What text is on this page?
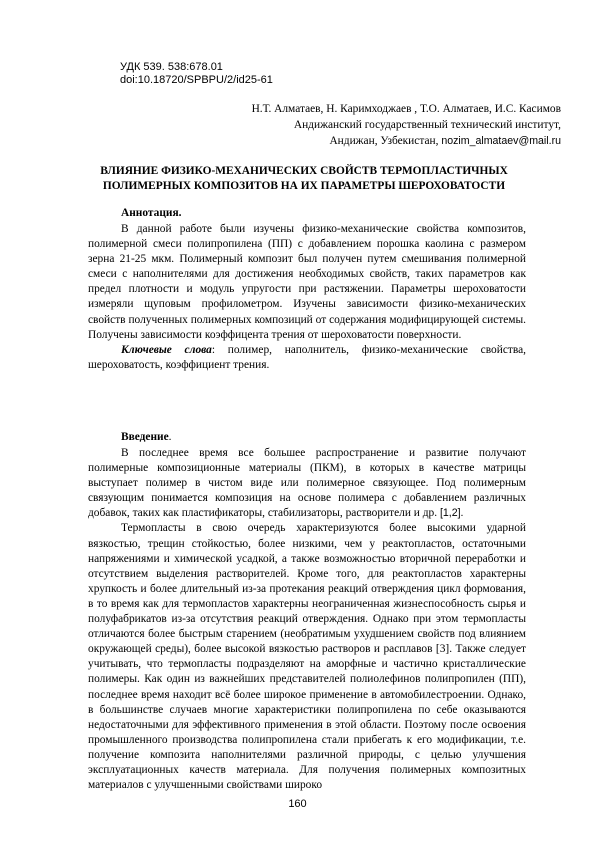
УДК 539. 538:678.01
doi:10.18720/SPBPU/2/id25-61
Н.Т. Алматаев, Н. Каримходжаев , Т.О. Алматаев, И.С. Касимов
Андижанский государственный технический институт,
Андижан, Узбекистан, nozim_almataev@mail.ru
ВЛИЯНИЕ ФИЗИКО-МЕХАНИЧЕСКИХ СВОЙСТВ ТЕРМОПЛАСТИЧНЫХ
ПОЛИМЕРНЫХ КОМПОЗИТОВ НА ИХ ПАРАМЕТРЫ ШЕРОХОВАТОСТИ
Аннотация.

В данной работе были изучены физико-механические свойства композитов, полимерной смеси полипропилена (ПП) с добавлением порошка каолина с размером зерна 21-25 мкм. Полимерный композит был получен путем смешивания полимерной смеси с наполнителями для достижения необходимых свойств, таких параметров как предел плотности и модуль упругости при растяжении. Параметры шероховатости измеряли щуповым профилометром. Изучены зависимости физико-механических свойств полученных полимерных композиций от содержания модифицирующей системы. Получены зависимости коэффицента трения от шероховатости поверхности.

Ключевые слова: полимер, наполнитель, физико-механические свойства, шероховатость, коэффициент трения.

Введение.

В последнее время все большее распространение и развитие получают полимерные композиционные материалы (ПКМ), в которых в качестве матрицы выступает полимер в чистом виде или полимерное связующее. Под полимерным связующим понимается композиция на основе полимера с добавлением различных добавок, таких как пластификаторы, стабилизаторы, растворители и др. [1,2].

Термопласты в свою очередь характеризуются более высокими ударной вязкостью, трещин стойкостью, более низкими, чем у реактопластов, остаточными напряжениями и химической усадкой, а также возможностью вторичной переработки и отсутствием выделения растворителей. Кроме того, для реактопластов характерны хрупкость и более длительный из-за протекания реакций отверждения цикл формования, в то время как для термопластов характерны неограниченная жизнеспособность сырья и полуфабрикатов из-за отсутствия реакций отверждения. Однако при этом термопласты отличаются более быстрым старением (необратимым ухудшением свойств под влиянием окружающей среды), более высокой вязкостью растворов и расплавов [3]. Также следует учитывать, что термопласты подразделяют на аморфные и частично кристаллические полимеры. Как один из важнейших представителей полиолефинов полипропилен (ПП), последнее время находит всё более широкое применение в автомобилестроении. Однако, в большинстве случаев многие характеристики полипропилена по себе оказываются недостаточными для эффективного применения в этой области. Поэтому после освоения промышленного производства полипропилена стали прибегать к его модификации, т.е. получение композита наполнителями различной природы, с целью улучшения эксплуатационных качеств материала. Для получения полимерных композитных материалов с улучшенными свойствами широко

160
